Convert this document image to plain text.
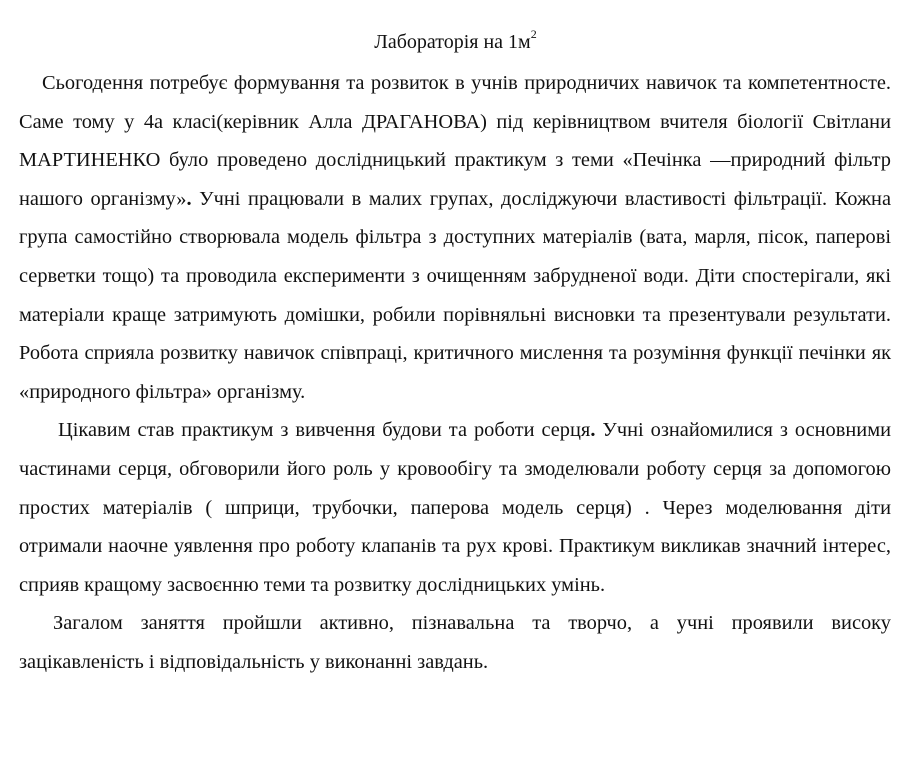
Лабораторія на $1м^2$

Сьогодення потребує формування та розвиток в учнів природничих навичок та компетентносте. Саме тому у 4а класі(керівник Алла ДРАГАНОВА) під керівництвом вчителя біології Світлани МАРТИНЕНКО було проведено дослідницький практикум з теми «Печінка —природний фільтр нашого організму». Учні працювали в малих групах, досліджуючи властивості фільтрації. Кожна група самостійно створювала модель фільтра з доступних матеріалів (вата, марля, пісок, паперові серветки тощо) та проводила експерименти з очищенням забрудненої води. Діти спостерігали, які матеріали краще затримують домішки, робили порівняльні висновки та презентували результати. Робота сприяла розвитку навичок співпраці, критичного мислення та розуміння функції печінки як «природного фільтра» організму.

Цікавим став практикум з вивчення будови та роботи серця. Учні ознайомилися з основними частинами серця, обговорили його роль у кровообігу та змоделювали роботу серця за допомогою простих матеріалів ( шприци, трубочки, паперова модель серця) . Через моделювання діти отримали наочне уявлення про роботу клапанів та рух крові. Практикум викликав значний інтерес, сприяв кращому засвоєнню теми та розвитку дослідницьких умінь.

Загалом заняття пройшли активно, пізнавальна та творчо, а учні проявили високу зацікавленість і відповідальність у виконанні завдань.
